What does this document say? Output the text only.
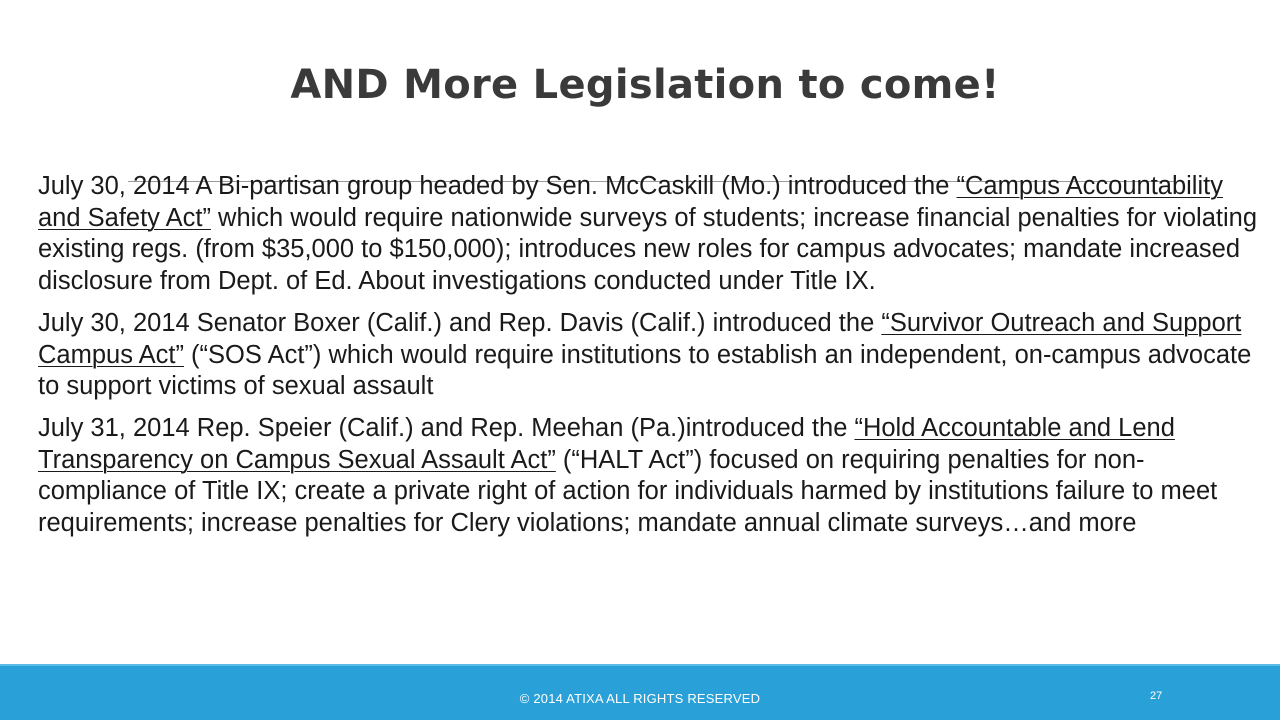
AND More Legislation to come!

July 30, 2014 A Bi-partisan group headed by Sen. McCaskill (Mo.) introduced the “Campus Accountability and Safety Act” which would require nationwide surveys of students; increase financial penalties for violating existing regs. (from $35,000 to $150,000); introduces new roles for campus advocates; mandate increased disclosure from Dept. of Ed. About investigations conducted under Title IX.

July 30, 2014 Senator Boxer (Calif.) and Rep. Davis (Calif.) introduced the “Survivor Outreach and Support Campus Act” (“SOS Act”) which would require institutions to establish an independent, on-campus advocate to support victims of sexual assault

July 31, 2014 Rep. Speier (Calif.) and Rep. Meehan (Pa.)introduced the “Hold Accountable and Lend Transparency on Campus Sexual Assault Act” (“HALT Act”) focused on requiring penalties for non-compliance of Title IX; create a private right of action for individuals harmed by institutions failure to meet requirements; increase penalties for Clery violations; mandate annual climate surveys…and more

© 2014 ATIXA ALL RIGHTS RESERVED	27
